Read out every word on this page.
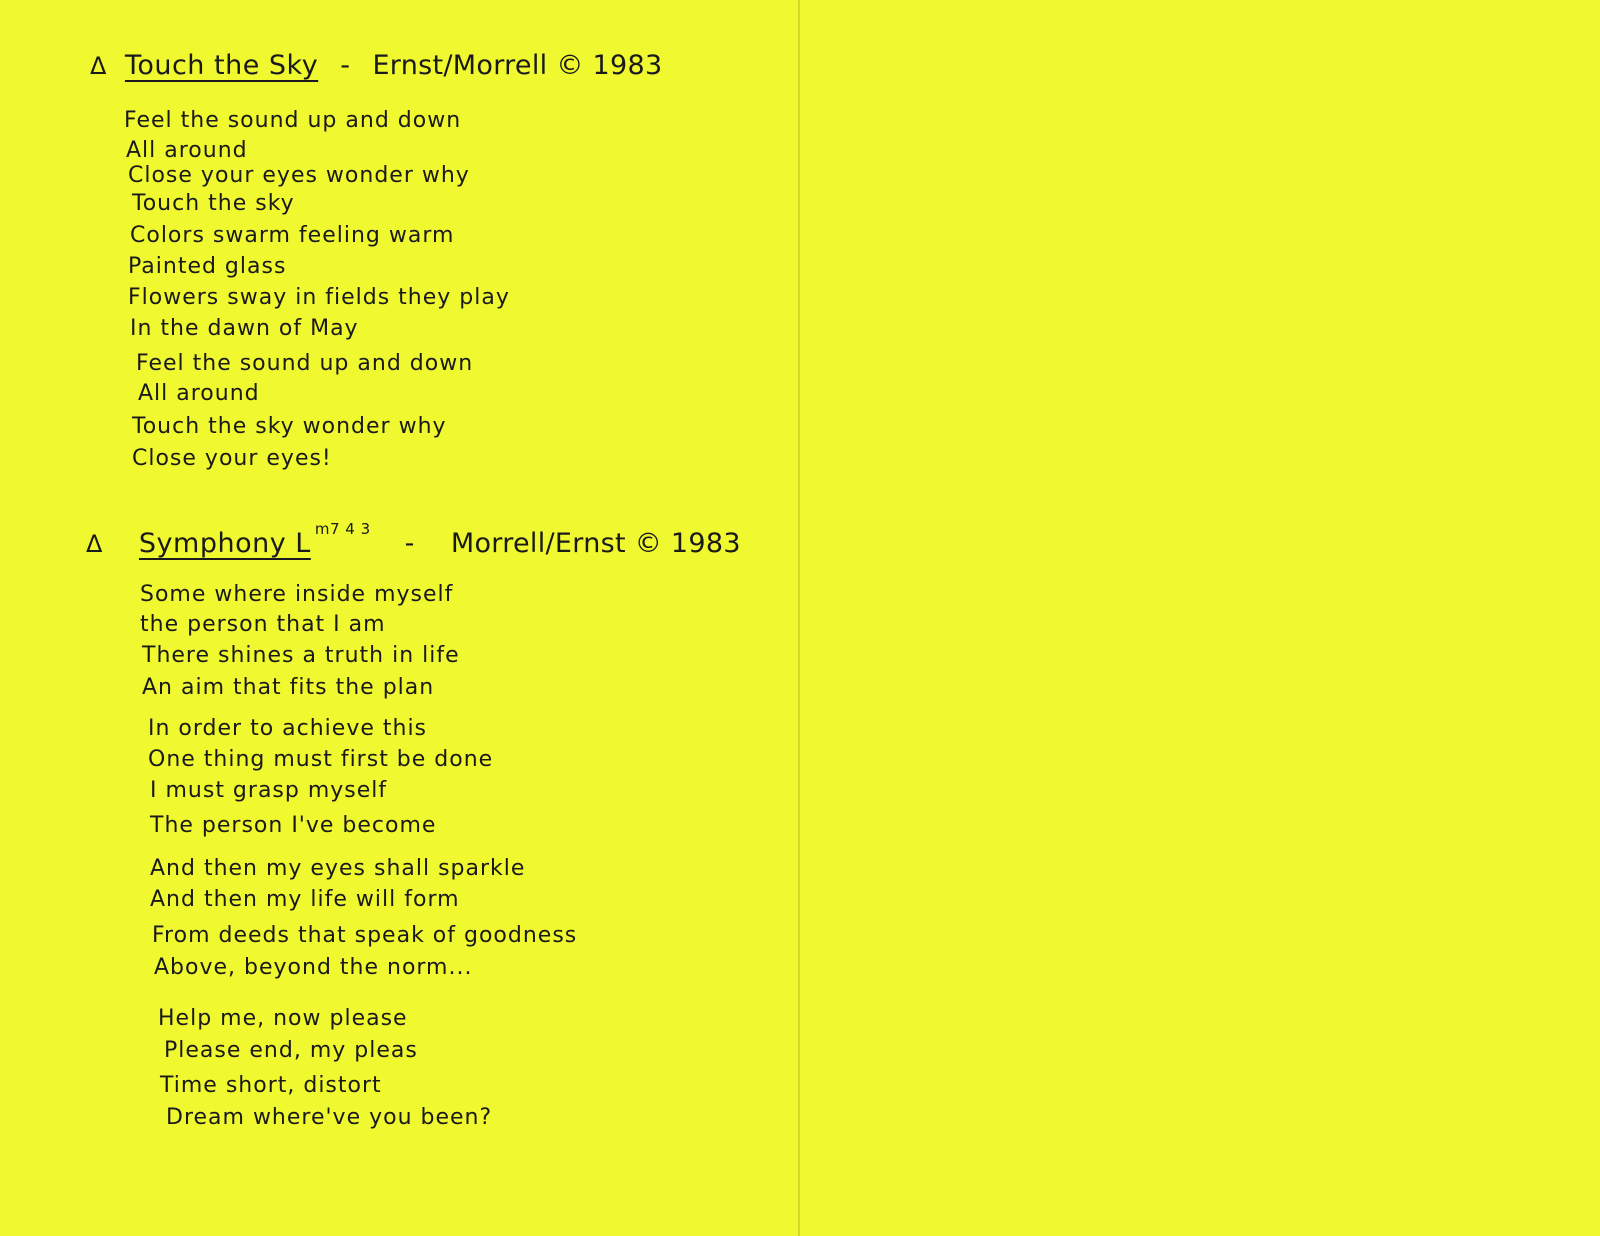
Δ Touch the Sky - Ernst/Morrell © 1983
Feel the sound up and down
All around
Close your eyes wonder why
Touch the sky
Colors swarm feeling warm
Painted glass
Flowers sway in fields they play
In the dawn of May
Feel the sound up and down
All around
Touch the sky wonder why
Close your eyes!
Δ Symphony L m7 4 3 - Morrell/Ernst © 1983
Some where inside myself
the person that I am
There shines a truth in life
An aim that fits the plan
In order to achieve this
One thing must first be done
I must grasp myself
The person I've become
And then my eyes shall sparkle
And then my life will form
From deeds that speak of goodness
Above, beyond the norm...
Help me, now please
Please end, my pleas
Time short, distort
Dream where've you been?
